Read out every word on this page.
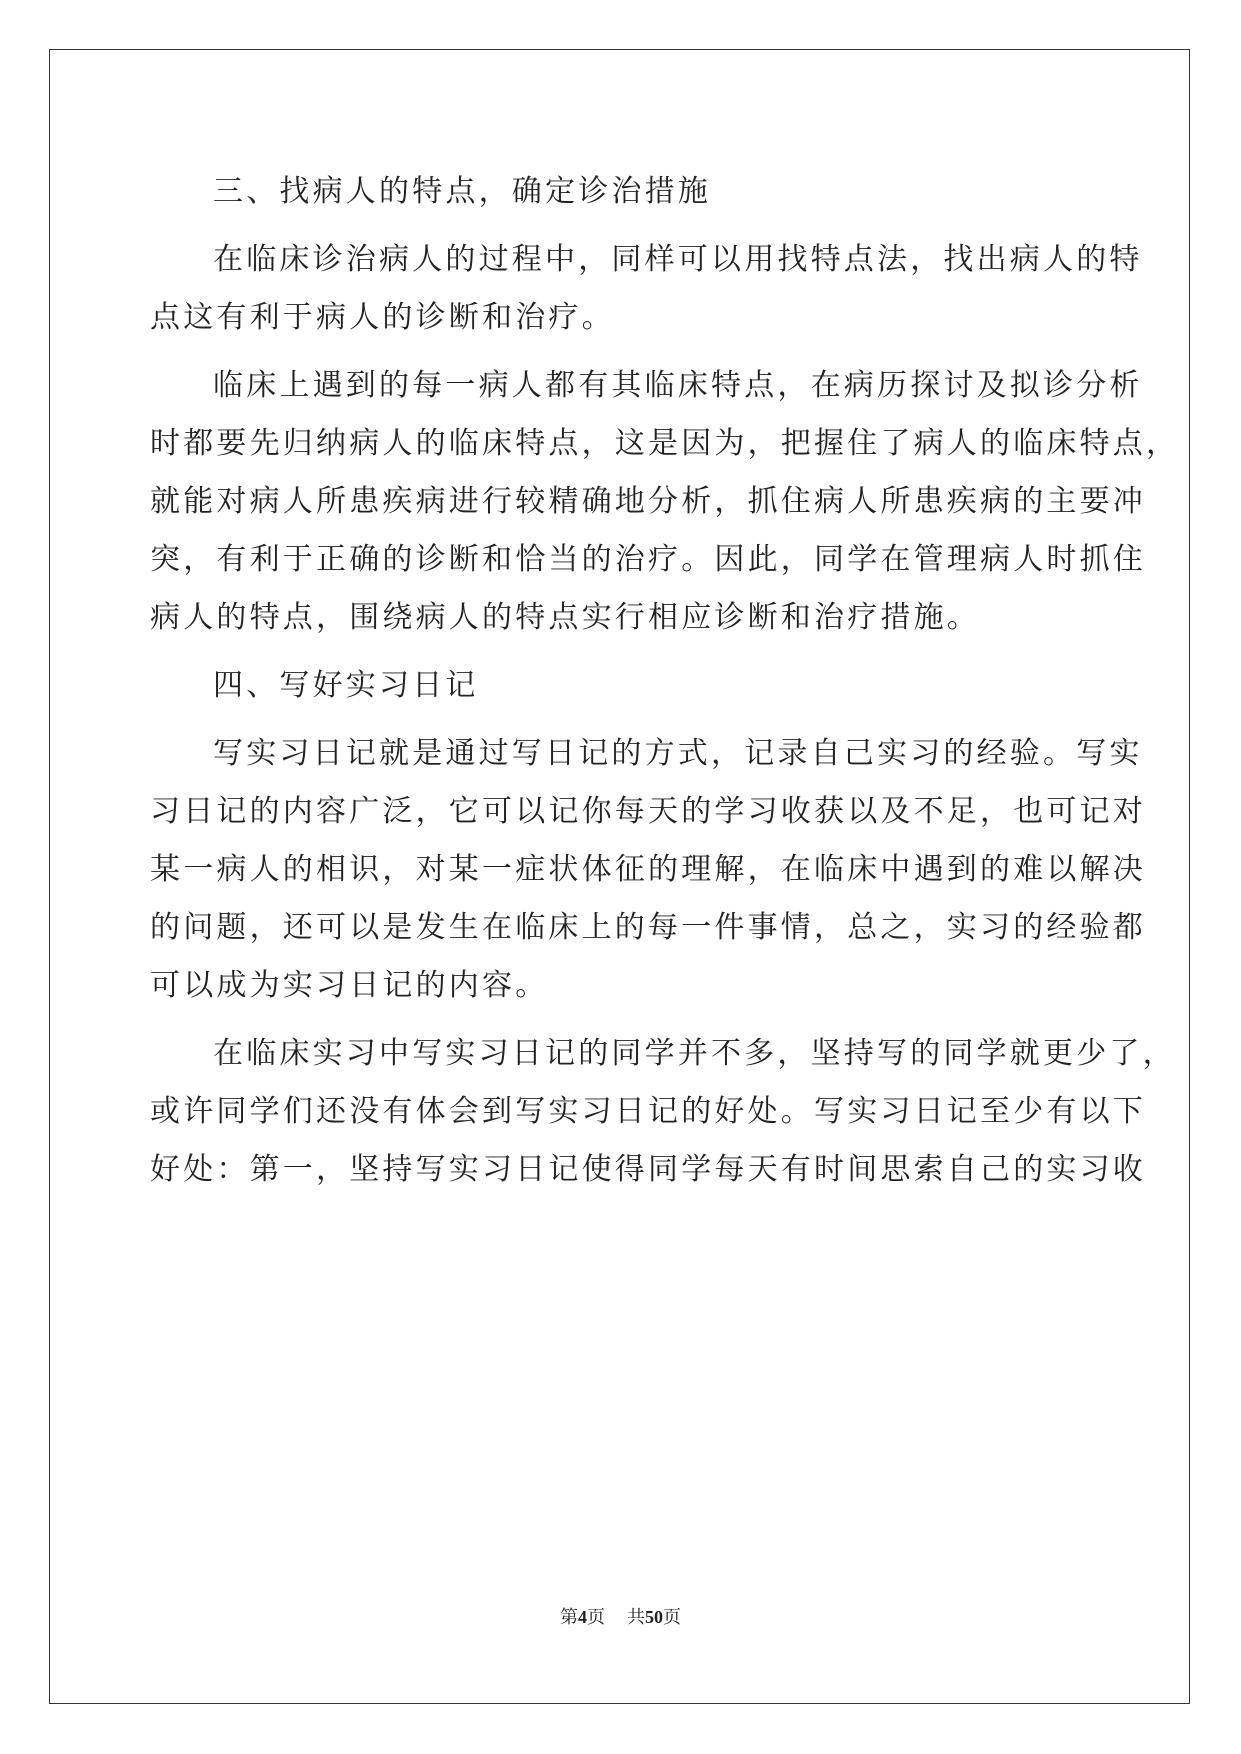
三、找病人的特点，确定诊治措施
在临床诊治病人的过程中，同样可以用找特点法，找出病人的特
点这有利于病人的诊断和治疗。
临床上遇到的每一病人都有其临床特点，在病历探讨及拟诊分析
时都要先归纳病人的临床特点，这是因为，把握住了病人的临床特点，
就能对病人所患疾病进行较精确地分析，抓住病人所患疾病的主要冲
突，有利于正确的诊断和恰当的治疗。因此，同学在管理病人时抓住
病人的特点，围绕病人的特点实行相应诊断和治疗措施。
四、写好实习日记
写实习日记就是通过写日记的方式，记录自己实习的经验。写实
习日记的内容广泛，它可以记你每天的学习收获以及不足，也可记对
某一病人的相识，对某一症状体征的理解，在临床中遇到的难以解决
的问题，还可以是发生在临床上的每一件事情，总之，实习的经验都
可以成为实习日记的内容。
在临床实习中写实习日记的同学并不多，坚持写的同学就更少了，
或许同学们还没有体会到写实习日记的好处。写实习日记至少有以下
好处：第一，坚持写实习日记使得同学每天有时间思索自己的实习收
第4页 共50页
